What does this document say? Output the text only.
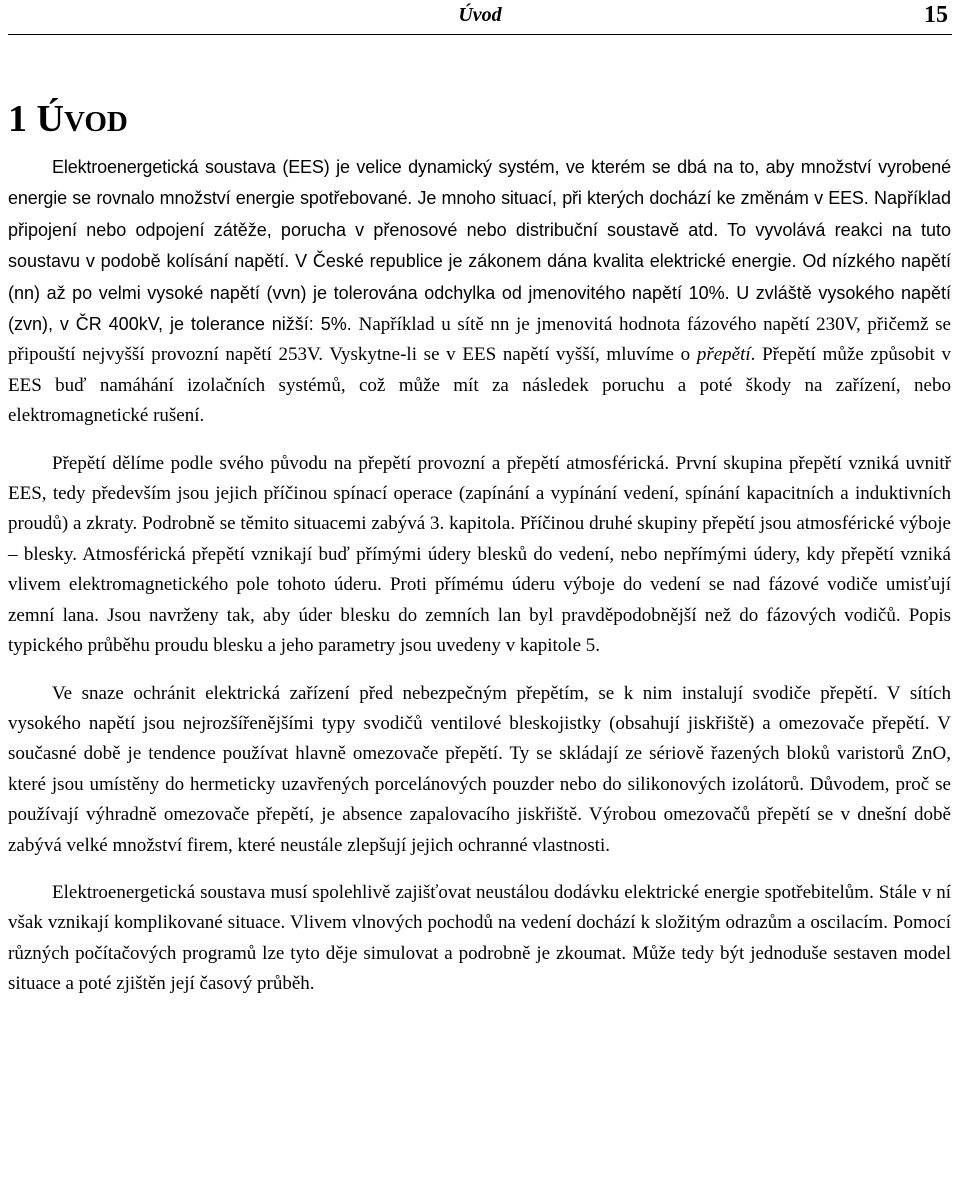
Úvod	15
1 ÚVOD

Elektroenergetická soustava (EES) je velice dynamický systém, ve kterém se dbá na to, aby množství vyrobené energie se rovnalo množství energie spotřebované. Je mnoho situací, při kterých dochází ke změnám v EES. Například připojení nebo odpojení zátěže, porucha v přenosové nebo distribuční soustavě atd. To vyvolává reakci na tuto soustavu v podobě kolísání napětí. V České republice je zákonem dána kvalita elektrické energie. Od nízkého napětí (nn) až po velmi vysoké napětí (vvn) je tolerována odchylka od jmenovitého napětí 10%. U zvláště vysokého napětí (zvn), v ČR 400kV, je tolerance nižší: 5%. Například u sítě nn je jmenovitá hodnota fázového napětí 230V, přičemž se připouští nejvyšší provozní napětí 253V. Vyskytne-li se v EES napětí vyšší, mluvíme o přepětí. Přepětí může způsobit v EES buď namáhání izolačních systémů, což může mít za následek poruchu a poté škody na zařízení, nebo elektromagnetické rušení.

Přepětí dělíme podle svého původu na přepětí provozní a přepětí atmosférická. První skupina přepětí vzniká uvnitř EES, tedy především jsou jejich příčinou spínací operace (zapínání a vypínání vedení, spínání kapacitních a induktivních proudů) a zkraty. Podrobně se těmito situacemi zabývá 3. kapitola. Příčinou druhé skupiny přepětí jsou atmosférické výboje – blesky. Atmosférická přepětí vznikají buď přímými údery blesků do vedení, nebo nepřímými údery, kdy přepětí vzniká vlivem elektromagnetického pole tohoto úderu. Proti přímému úderu výboje do vedení se nad fázové vodiče umisťují zemní lana. Jsou navrženy tak, aby úder blesku do zemních lan byl pravděpodobnější než do fázových vodičů. Popis typického průběhu proudu blesku a jeho parametry jsou uvedeny v kapitole 5.

Ve snaze ochránit elektrická zařízení před nebezpečným přepětím, se k nim instalují svodiče přepětí. V sítích vysokého napětí jsou nejrozšířenějšími typy svodičů ventilové bleskojistky (obsahují jiskřiště) a omezovače přepětí. V současné době je tendence používat hlavně omezovače přepětí. Ty se skládají ze sériově řazených bloků varistorů ZnO, které jsou umístěny do hermeticky uzavřených porcelánových pouzder nebo do silikonových izolátorů. Důvodem, proč se používají výhradně omezovače přepětí, je absence zapalovacího jiskřiště. Výrobou omezovačů přepětí se v dnešní době zabývá velké množství firem, které neustále zlepšují jejich ochranné vlastnosti.

Elektroenergetická soustava musí spolehlivě zajišťovat neustálou dodávku elektrické energie spotřebitelům. Stále v ní však vznikají komplikované situace. Vlivem vlnových pochodů na vedení dochází k složitým odrazům a oscilacím. Pomocí různých počítačových programů lze tyto děje simulovat a podrobně je zkoumat. Může tedy být jednoduše sestaven model situace a poté zjištěn její časový průběh.
